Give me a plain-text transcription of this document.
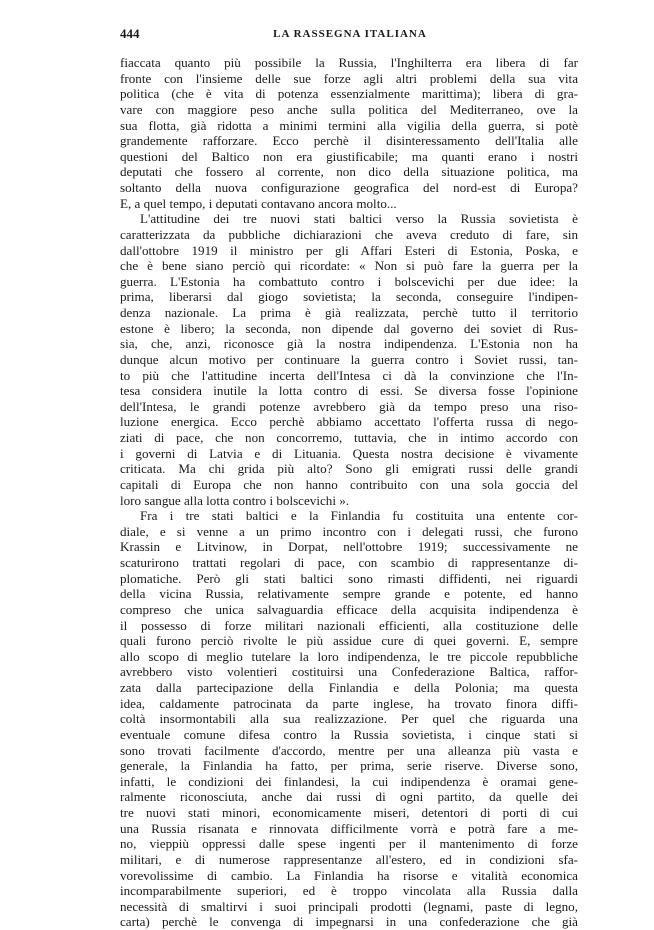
444	LA RASSEGNA ITALIANA
fiaccata quanto più possibile la Russia, l'Inghilterra era libera di far
fronte con l'insieme delle sue forze agli altri problemi della sua vita
politica (che è vita di potenza essenzialmente marittima); libera di gra-
vare con maggiore peso anche sulla politica del Mediterraneo, ove la
sua flotta, già ridotta a minimi termini alla vigilia della guerra, si potè
grandemente rafforzare. Ecco perchè il disinteressamento dell'Italia alle
questioni del Baltico non era giustificabile; ma quanti erano i nostri
deputati che fossero al corrente, non dico della situazione politica, ma
soltanto della nuova configurazione geografica del nord-est di Europa?
E, a quel tempo, i deputati contavano ancora molto...
L'attitudine dei tre nuovi stati baltici verso la Russia sovietista è
caratterizzata da pubbliche dichiarazioni che aveva creduto di fare, sin
dall'ottobre 1919 il ministro per gli Affari Esteri di Estonia, Poska, e
che è bene siano perciò qui ricordate: « Non si può fare la guerra per la
guerra. L'Estonia ha combattuto contro i bolscevichi per due idee: la
prima, liberarsi dal giogo sovietista; la seconda, conseguire l'indipen-
denza nazionale. La prima è già realizzata, perchè tutto il territorio
estone è libero; la seconda, non dipende dal governo dei soviet di Rus-
sia, che, anzi, riconosce già la nostra indipendenza. L'Estonia non ha
dunque alcun motivo per continuare la guerra contro i Soviet russi, tan-
to più che l'attitudine incerta dell'Intesa ci dà la convinzione che l'In-
tesa considera inutile la lotta contro di essi. Se diversa fosse l'opinione
dell'Intesa, le grandi potenze avrebbero già da tempo preso una riso-
luzione energica. Ecco perchè abbiamo accettato l'offerta russa di nego-
ziati di pace, che non concorremo, tuttavia, che in intimo accordo con
i governi di Latvia e di Lituania. Questa nostra decisione è vivamente
criticata. Ma chi grida più alto? Sono gli emigrati russi delle grandi
capitali di Europa che non hanno contribuito con una sola goccia del
loro sangue alla lotta contro i bolscevichi ».
Fra i tre stati baltici e la Finlandia fu costituita una entente cor-
diale, e si venne a un primo incontro con i delegati russi, che furono
Krassin e Litvinow, in Dorpat, nell'ottobre 1919; successivamente ne
scaturirono trattati regolari di pace, con scambio di rappresentanze di-
plomatiche. Però gli stati baltici sono rimasti diffidenti, nei riguardi
della vicina Russia, relativamente sempre grande e potente, ed hanno
compreso che unica salvaguardia efficace della acquisita indipendenza è
il possesso di forze militari nazionali efficienti, alla costituzione delle
quali furono perciò rivolte le più assidue cure di quei governi. E, sempre
allo scopo di meglio tutelare la loro indipendenza, le tre piccole repubbliche
avrebbero visto volentieri costituirsi una Confederazione Baltica, raffor-
zata dalla partecipazione della Finlandia e della Polonia; ma questa
idea, caldamente patrocinata da parte inglese, ha trovato finora diffi-
coltà insormontabili alla sua realizzazione. Per quel che riguarda una
eventuale comune difesa contro la Russia sovietista, i cinque stati si
sono trovati facilmente d'accordo, mentre per una alleanza più vasta e
generale, la Finlandia ha fatto, per prima, serie riserve. Diverse sono,
infatti, le condizioni dei finlandesi, la cui indipendenza è oramai gene-
ralmente riconosciuta, anche dai russi di ogni partito, da quelle dei
tre nuovi stati minori, economicamente miseri, detentori di porti di cui
una Russia risanata e rinnovata difficilmente vorrà e potrà fare a me-
no, vieppiù oppressi dalle spese ingenti per il mantenimento di forze
militari, e di numerose rappresentanze all'estero, ed in condizioni sfa-
vorevolissime di cambio. La Finlandia ha risorse e vitalità economica
incomparabilmente superiori, ed è troppo vincolata alla Russia dalla
necessità di smaltirvi i suoi principali prodotti (legnami, paste di legno,
carta) perchè le convenga di impegnarsi in una confederazione che già
